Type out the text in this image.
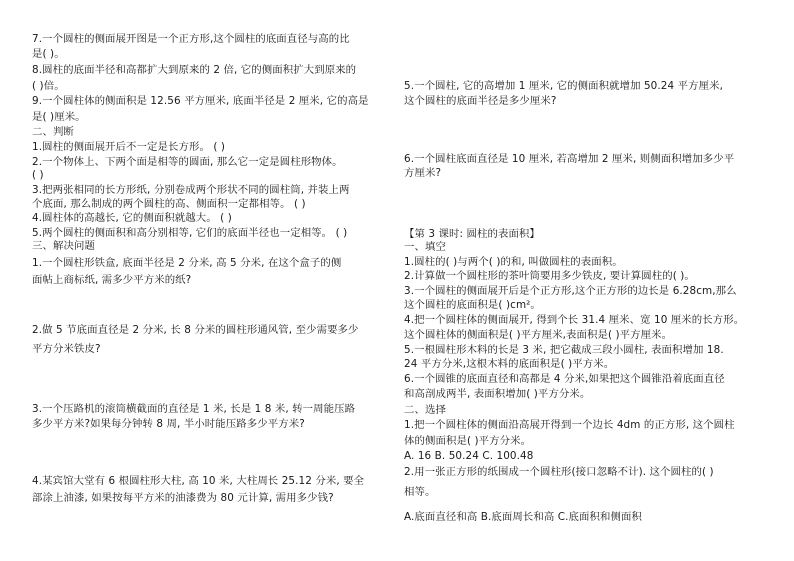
7.一个圆柱的侧面展开图是一个正方形,这个圆柱的底面直径与高的比
是( )。
8.圆柱的底面半径和高都扩大到原来的 2 倍, 它的侧面积扩大到原来的
( )倍。
9.一个圆柱体的侧面积是 12.56 平方厘米, 底面半径是 2 厘米, 它的高是
是( )厘米。
二、判断
1.圆柱的侧面展开后不一定是长方形。 ( )
2.一个物体上、下两个面是相等的圆面, 那么它一定是圆柱形物体。
( )
3.把两张相同的长方形纸, 分别卷成两个形状不同的圆柱筒, 并装上两
个底面, 那么制成的两个圆柱的高、侧面积一定都相等。 ( )
4.圆柱体的高越长, 它的侧面积就越大。 ( )
5.两个圆柱的侧面积和高分别相等, 它们的底面半径也一定相等。 ( )
三、解决问题
1.一个圆柱形铁盒, 底面半径是 2 分米, 高 5 分米, 在这个盒子的侧
面帖上商标纸, 需多少平方米的纸?
2.做 5 节底面直径是 2 分米, 长 8 分米的圆柱形通风管, 至少需要多少
平方分米铁皮?
3.一个压路机的滚筒横截面的直径是 1 米, 长是 1 8 米, 转一周能压路
多少平方米?如果每分钟转 8 周, 半小时能压路多少平方米?
4.某宾馆大堂有 6 根圆柱形大柱, 高 10 米, 大柱周长 25.12 分米, 要全
部涂上油漆, 如果按每平方米的油漆费为 80 元计算, 需用多少钱?
5.一个圆柱, 它的高增加 1 厘米, 它的侧面积就增加 50.24 平方厘米,
这个圆柱的底面半径是多少厘米?
6.一个圆柱底面直径是 10 厘米, 若高增加 2 厘米, 则侧面积增加多少平
方厘米?
【第 3 课时: 圆柱的表面积】
一、填空
1.圆柱的( )与两个( )的和, 叫做圆柱的表面积。
2.计算做一个圆柱形的茶叶筒要用多少铁皮, 要计算圆柱的( )。
3.一个圆柱的侧面展开后是个正方形,这个正方形的边长是 6.28cm,那么
这个圆柱的底面积是( )cm²。
4.把一个圆柱体的侧面展开, 得到个长 31.4 厘米、宽 10 厘米的长方形。
这个圆柱体的侧面积是( )平方厘米,表面积是( )平方厘米。
5.一根圆柱形木料的长是 3 米, 把它截成三段小圆柱, 表面积增加 18.
24 平方分米,这根木料的底面积是( )平方米。
6.一个圆锥的底面直径和高都是 4 分米,如果把这个圆锥沿着底面直径
和高剖成两半, 表面积增加( )平方分米。
二、选择
1.把一个圆柱体的侧面沿高展开得到一个边长 4dm 的正方形, 这个圆柱
体的侧面积是( )平方分米。
A. 16 B. 50.24 C. 100.48
2.用一张正方形的纸围成一个圆柱形(接口忽略不计). 这个圆柱的( )
相等。
A.底面直径和高 B.底面周长和高 C.底面积和侧面积
